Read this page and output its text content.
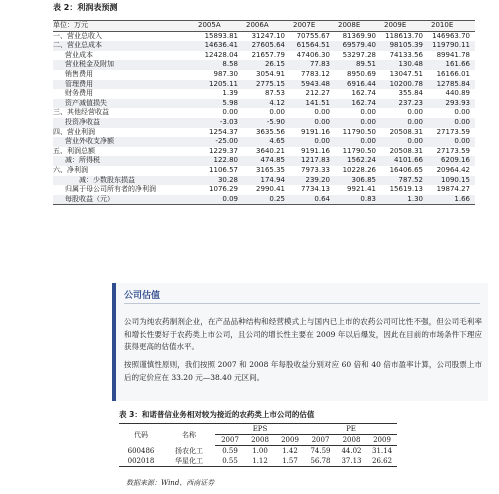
表 2：利润表预测
单位：万元	2005A	2006A	2007E	2008E	2009E	2010E
一、营业总收入	15893.81	31247.10	70755.67	81369.90	118613.70	146963.70
二、营业总成本	14636.41	27605.64	61564.51	69579.40	98105.39	119790.11
营业成本	12428.04	21657.79	47406.30	53297.28	74133.56	89941.78
营业税金及附加	8.58	26.15	77.83	89.51	130.48	161.66
销售费用	987.30	3054.91	7783.12	8950.69	13047.51	16166.01
管理费用	1205.11	2775.15	5943.48	6916.44	10200.78	12785.84
财务费用	1.39	87.53	212.27	162.74	355.84	440.89
资产减值损失	5.98	4.12	141.51	162.74	237.23	293.93
三、其他经营收益	0.00	0.00	0.00	0.00	0.00	0.00
投资净收益	-3.03	-5.90	0.00	0.00	0.00	0.00
四、营业利润	1254.37	3635.56	9191.16	11790.50	20508.31	27173.59
营业外收支净额	-25.00	4.65	0.00	0.00	0.00	0.00
五、利润总额	1229.37	3640.21	9191.16	11790.50	20508.31	27173.59
减：所得税	122.80	474.85	1217.83	1562.24	4101.66	6209.16
六、净利润	1106.57	3165.35	7973.33	10228.26	16406.65	20964.42
减：少数股东损益	30.28	174.94	239.20	306.85	787.52	1090.15
归属于母公司所有者的净利润	1076.29	2990.41	7734.13	9921.41	15619.13	19874.27
每股收益（元）	0.09	0.25	0.64	0.83	1.30	1.66
公司估值
公司为纯农药制剂企业，在产品品种结构和经营模式上与国内已上市的农药公司可比性不强，但公司毛利率和增长性要好于农药类上市公司，且公司的增长性主要在 2009 年以后爆发，因此在目前的市场条件下理应获得更高的估值水平。
按照谨慎性原则，我们按照 2007 和 2008 年每股收益分别对应 60 倍和 40 倍市盈率计算，公司股票上市后的定价应在 33.20 元—38.40 元区间。
表 3：和诺普信业务相对较为接近的农药类上市公司的估值
代码	名称	EPS			PE		
		2007	2008	2009	2007	2008	2009
600486	扬农化工	0.59	1.00	1.42	74.59	44.02	31.14
002018	华星化工	0.55	1.12	1.57	56.78	37.13	26.62
数据来源：Wind、西南证券
